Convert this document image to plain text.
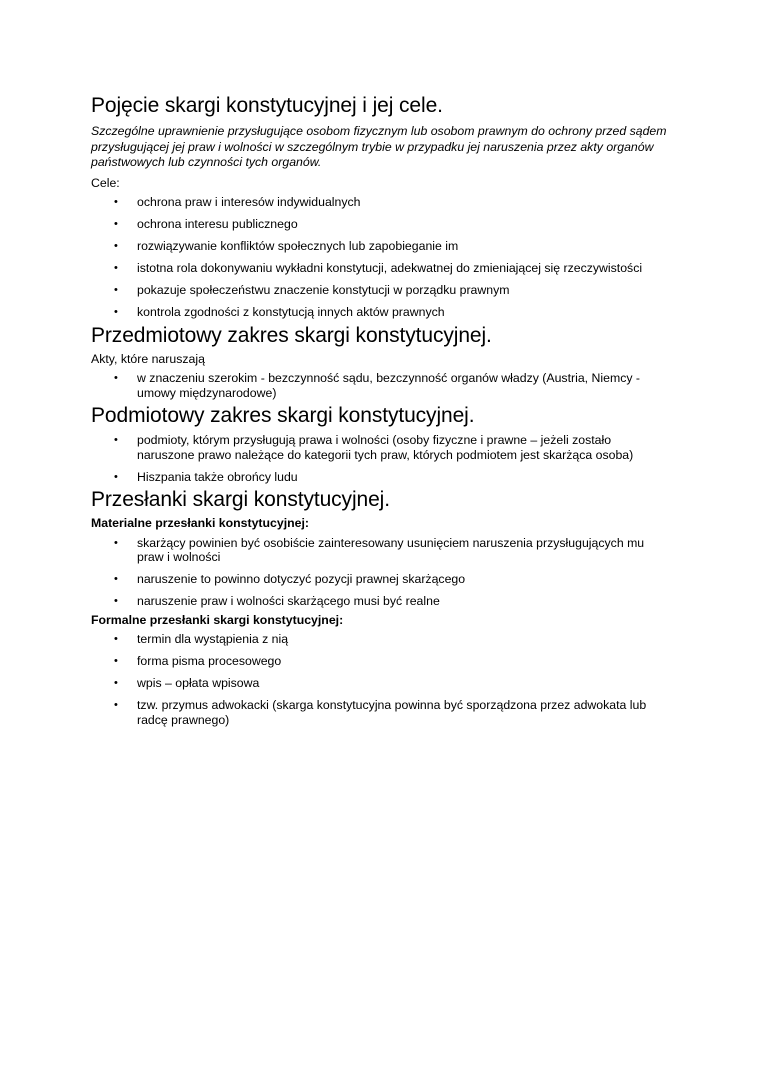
Pojęcie skargi konstytucyjnej i jej cele.

Szczególne uprawnienie przysługujące osobom fizycznym lub osobom prawnym do ochrony przed sądem przysługującej jej praw i wolności w szczególnym trybie w przypadku jej naruszenia przez akty organów państwowych lub czynności tych organów.

Cele:

• ochrona praw i interesów indywidualnych
• ochrona interesu publicznego
• rozwiązywanie konfliktów społecznych lub zapobieganie im
• istotna rola dokonywaniu wykładni konstytucji, adekwatnej do zmieniającej się rzeczywistości
• pokazuje społeczeństwu znaczenie konstytucji w porządku prawnym
• kontrola zgodności z konstytucją innych aktów prawnych
Przedmiotowy zakres skargi konstytucyjnej.

Akty, które naruszają

• w znaczeniu szerokim - bezczynność sądu, bezczynność organów władzy (Austria, Niemcy - umowy międzynarodowe)
Podmiotowy zakres skargi konstytucyjnej.
• podmioty, którym przysługują prawa i wolności (osoby fizyczne i prawne – jeżeli zostało naruszone prawo należące do kategorii tych praw, których podmiotem jest skarżąca osoba)
• Hiszpania także obrońcy ludu
Przesłanki skargi konstytucyjnej.

Materialne przesłanki konstytucyjnej:

• skarżący powinien być osobiście zainteresowany usunięciem naruszenia przysługujących mu praw i wolności
• naruszenie to powinno dotyczyć pozycji prawnej skarżącego
• naruszenie praw i wolności skarżącego musi być realne

Formalne przesłanki skargi konstytucyjnej:

• termin dla wystąpienia z nią
• forma pisma procesowego
• wpis – opłata wpisowa
• tzw. przymus adwokacki (skarga konstytucyjna powinna być sporządzona przez adwokata lub radcę prawnego)
